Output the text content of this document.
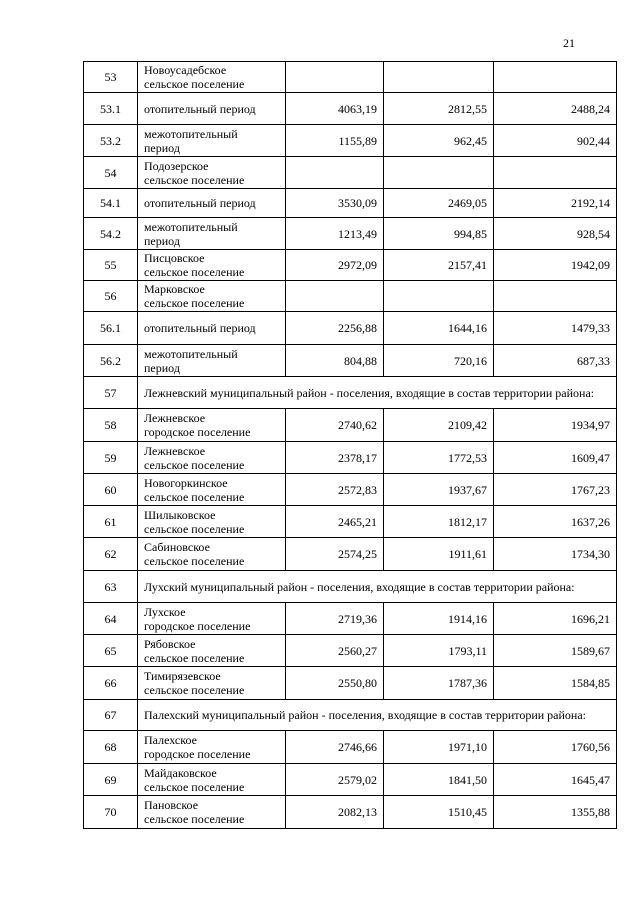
21
53	Новоусадебское
сельское поселение			

53.1	отопительный период	4063,19	2812,55	2488,24
53.2	межотопительный
период	1155,89	962,45	902,44
54	Подозерское
сельское поселение			

54.1	отопительный период	3530,09	2469,05	2192,14
54.2	межотопительный
период	1213,49	994,85	928,54
55	Писцовское
сельское поселение	2972,09	2157,41	1942,09
56	Марковское
сельское поселение			

56.1	отопительный период	2256,88	1644,16	1479,33
56.2	межотопительный
период	804,88	720,16	687,33
57	Лежневский муниципальный район - поселения, входящие в состав территории района:			
58	Лежневское
городское поселение	2740,62	2109,42	1934,97
59	Лежневское
сельское поселение	2378,17	1772,53	1609,47
60	Новогоркинское
сельское поселение	2572,83	1937,67	1767,23
61	Шилыковское
сельское поселение	2465,21	1812,17	1637,26
62	Сабиновское
сельское поселение	2574,25	1911,61	1734,30
63	Лухский муниципальный район - поселения, входящие в состав территории района:			
64	Лухское
городское поселение	2719,36	1914,16	1696,21
65	Рябовское
сельское поселение	2560,27	1793,11	1589,67
66	Тимирязевское
сельское поселение	2550,80	1787,36	1584,85
67	Палехский муниципальный район - поселения, входящие в состав территории района:			
68	Палехское
городское поселение	2746,66	1971,10	1760,56
69	Майдаковское
сельское поселение	2579,02	1841,50	1645,47
70	Пановское
сельское поселение	2082,13	1510,45	1355,88
